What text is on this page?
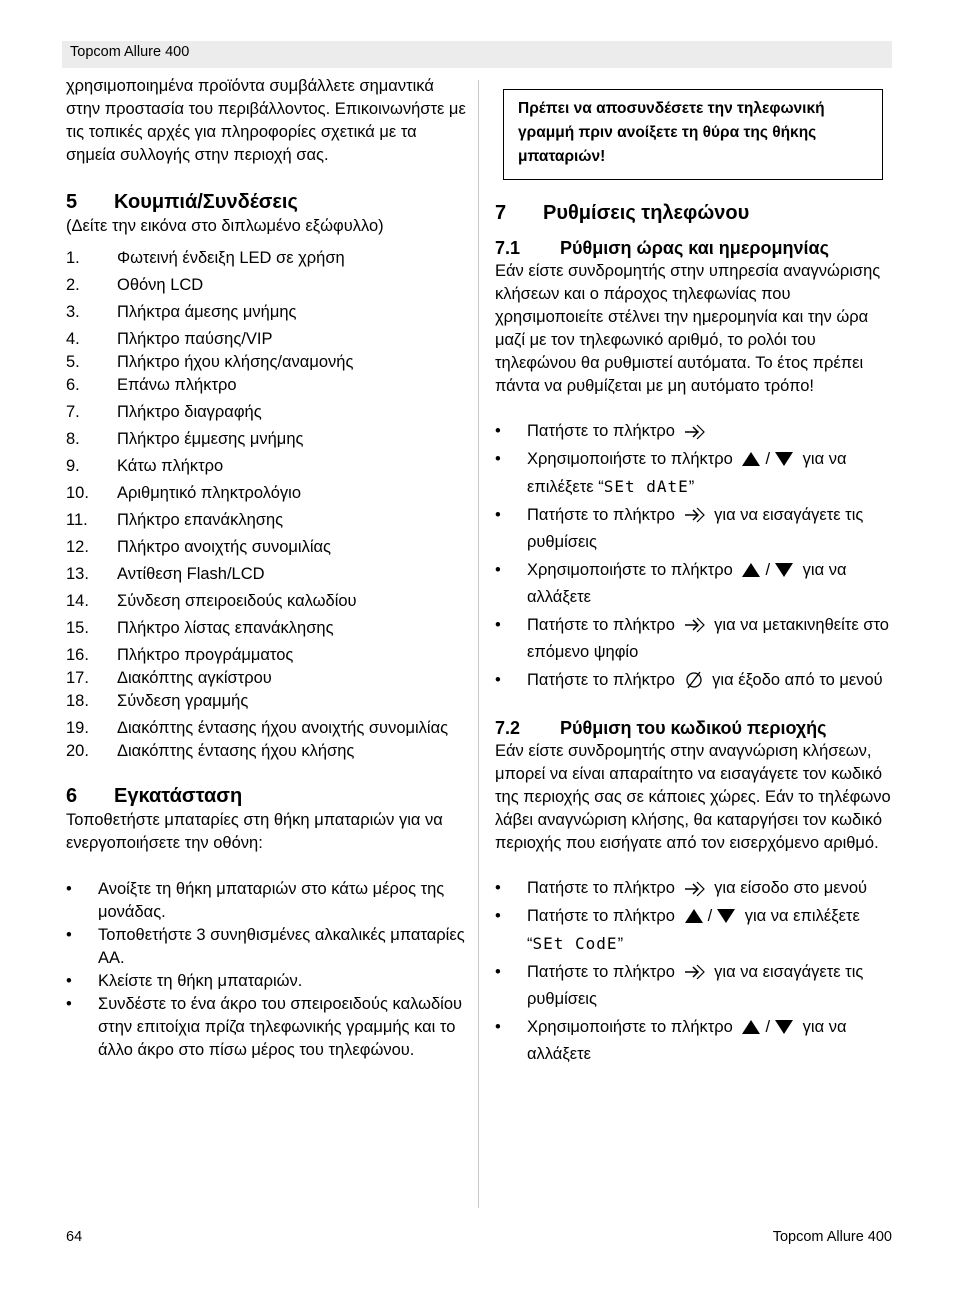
Topcom Allure 400

χρησιμοποιημένα προϊόντα συμβάλλετε σημαντικά στην προστασία του περιβάλλοντος. Επικοινωνήστε με τις τοπικές αρχές για πληροφορίες σχετικά με τα σημεία συλλογής στην περιοχή σας.

5	Κουμπιά/Συνδέσεις

(Δείτε την εικόνα στο διπλωμένο εξώφυλλο)

1.	Φωτεινή ένδειξη LED σε χρήση
2.	Οθόνη LCD
3.	Πλήκτρα άμεσης μνήμης
4.	Πλήκτρο παύσης/VIP
5.	Πλήκτρο ήχου κλήσης/αναμονής
6.	Επάνω πλήκτρο
7.	Πλήκτρο διαγραφής
8.	Πλήκτρο έμμεσης μνήμης
9.	Κάτω πλήκτρο
10.	Αριθμητικό πληκτρολόγιο
11.	Πλήκτρο επανάκλησης
12.	Πλήκτρο ανοιχτής συνομιλίας
13.	Αντίθεση Flash/LCD
14.	Σύνδεση σπειροειδούς καλωδίου
15.	Πλήκτρο λίστας επανάκλησης
16.	Πλήκτρο προγράμματος
17.	Διακόπτης αγκίστρου
18.	Σύνδεση γραμμής
19.	Διακόπτης έντασης ήχου ανοιχτής συνομιλίας
20.	Διακόπτης έντασης ήχου κλήσης
6	Εγκατάσταση

Τοποθετήστε μπαταρίες στη θήκη μπαταριών για να ενεργοποιήσετε την οθόνη:

•	Ανοίξτε τη θήκη μπαταριών στο κάτω μέρος της μονάδας.
•	Τοποθετήστε 3 συνηθισμένες αλκαλικές μπαταρίες ΑΑ.
•	Κλείστε τη θήκη μπαταριών.
•	Συνδέστε το ένα άκρο του σπειροειδούς καλωδίου στην επιτοίχια πρίζα τηλεφωνικής γραμμής και το άλλο άκρο στο πίσω μέρος του τηλεφώνου.
Πρέπει να αποσυνδέσετε την τηλεφωνική γραμμή πριν ανοίξετε τη θύρα της θήκης μπαταριών!
7	Ρυθμίσεις τηλεφώνου
7.1	Ρύθμιση ώρας και ημερομηνίας

Εάν είστε συνδρομητής στην υπηρεσία αναγνώρισης κλήσεων και ο πάροχος τηλεφωνίας που χρησιμοποιείτε στέλνει την ημερομηνία και την ώρα μαζί με τον τηλεφωνικό αριθμό, το ρολόι του τηλεφώνου θα ρυθμιστεί αυτόματα. Το έτος πρέπει πάντα να ρυθμίζεται με μη αυτόματο τρόπο!

•	Πατήστε το πλήκτρο
•	Χρησιμοποιήστε το πλήκτρο / για να επιλέξετε “SEt dAtE”
•	Πατήστε το πλήκτρο για να εισαγάγετε τις ρυθμίσεις
•	Χρησιμοποιήστε το πλήκτρο / για να αλλάξετε
•	Πατήστε το πλήκτρο για να μετακινηθείτε στο επόμενο ψηφίο
•	Πατήστε το πλήκτρο για έξοδο από το μενού
7.2	Ρύθμιση του κωδικού περιοχής

Εάν είστε συνδρομητής στην αναγνώριση κλήσεων, μπορεί να είναι απαραίτητο να εισαγάγετε τον κωδικό της περιοχής σας σε κάποιες χώρες. Εάν το τηλέφωνο λάβει αναγνώριση κλήσης, θα καταργήσει τον κωδικό περιοχής που εισήγατε από τον εισερχόμενο αριθμό.

•	Πατήστε το πλήκτρο για είσοδο στο μενού
•	Πατήστε το πλήκτρο / για να επιλέξετε “SEt CodE”
•	Πατήστε το πλήκτρο για να εισαγάγετε τις ρυθμίσεις
•	Χρησιμοποιήστε το πλήκτρο / για να αλλάξετε
64	Topcom Allure 400
